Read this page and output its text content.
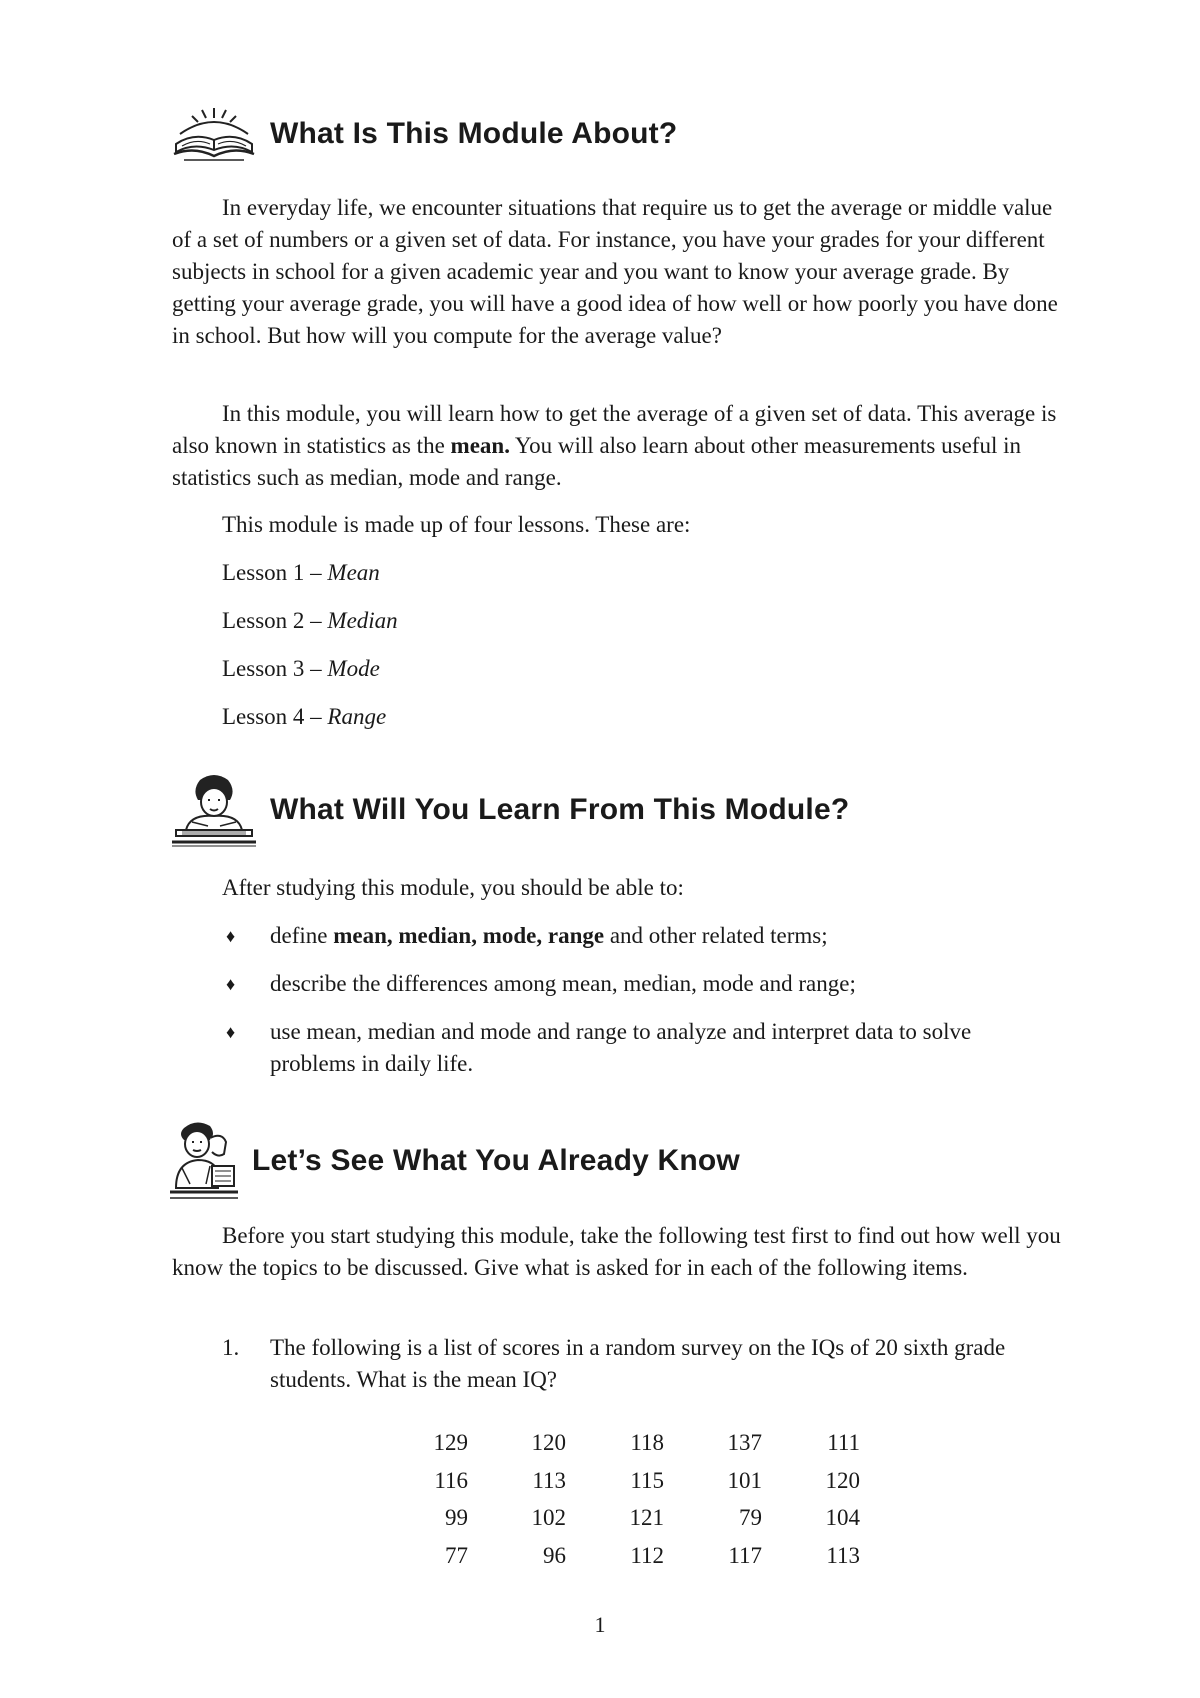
What Is This Module About?

In everyday life, we encounter situations that require us to get the average or middle value of a set of numbers or a given set of data. For instance, you have your grades for your different subjects in school for a given academic year and you want to know your average grade. By getting your average grade, you will have a good idea of how well or how poorly you have done in school. But how will you compute for the average value?

In this module, you will learn how to get the average of a given set of data. This average is also known in statistics as the mean. You will also learn about other measurements useful in statistics such as median, mode and range.

This module is made up of four lessons. These are:

Lesson 1 – Mean

Lesson 2 – Median

Lesson 3 – Mode

Lesson 4 – Range

What Will You Learn From This Module?

After studying this module, you should be able to:

♦ define mean, median, mode, range and other related terms;
♦ describe the differences among mean, median, mode and range;
♦ use mean, median and mode and range to analyze and interpret data to solve problems in daily life.
Let’s See What You Already Know

Before you start studying this module, take the following test first to find out how well you know the topics to be discussed. Give what is asked for in each of the following items.

1.	The following is a list of scores in a random survey on the IQs of 20 sixth grade students. What is the mean IQ?

129	120	118	137	111
116	113	115	101	120
99	102	121	79	104
77	96	112	117	113
1
